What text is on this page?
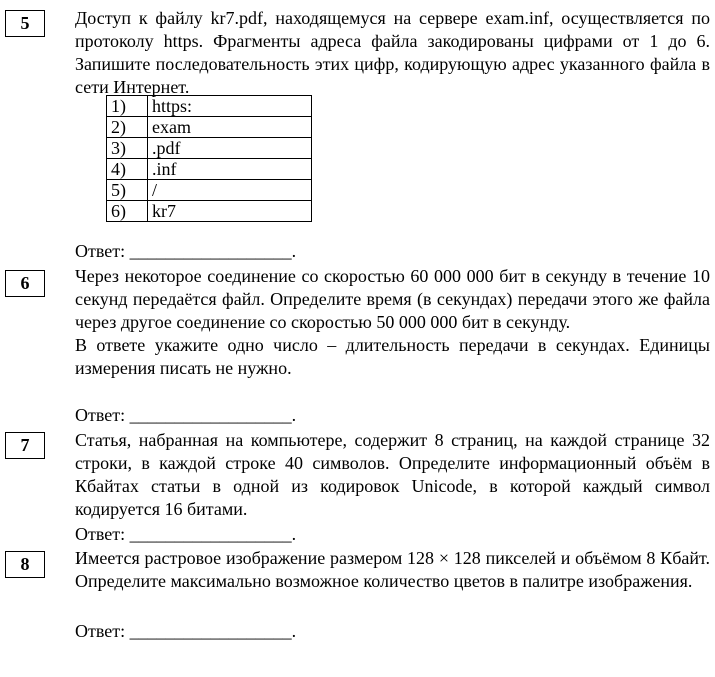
5	Доступ к файлу kr7.pdf, находящемуся на сервере exam.inf, осуществляется по протоколу https. Фрагменты адреса файла закодированы цифрами от 1 до 6. Запишите последовательность этих цифр, кодирующую адрес указанного файла в сети Интернет.
1)	https:
2)	exam
3)	.pdf
4)	.inf
5)	/
6)	kr7
Ответ: __________________.
6	Через некоторое соединение со скоростью 60 000 000 бит в секунду в течение 10 секунд передаётся файл. Определите время (в секундах) передачи этого же файла через другое соединение со скоростью 50 000 000 бит в секунду.
В ответе укажите одно число – длительность передачи в секундах. Единицы измерения писать не нужно.
Ответ: __________________.
7	Статья, набранная на компьютере, содержит 8 страниц, на каждой странице 32 строки, в каждой строке 40 символов. Определите информационный объём в Кбайтах статьи в одной из кодировок Unicode, в которой каждый символ кодируется 16 битами.
Ответ: __________________.
8	Имеется растровое изображение размером 128 × 128 пикселей и объёмом 8 Кбайт. Определите максимально возможное количество цветов в палитре изображения.
Ответ: __________________.
